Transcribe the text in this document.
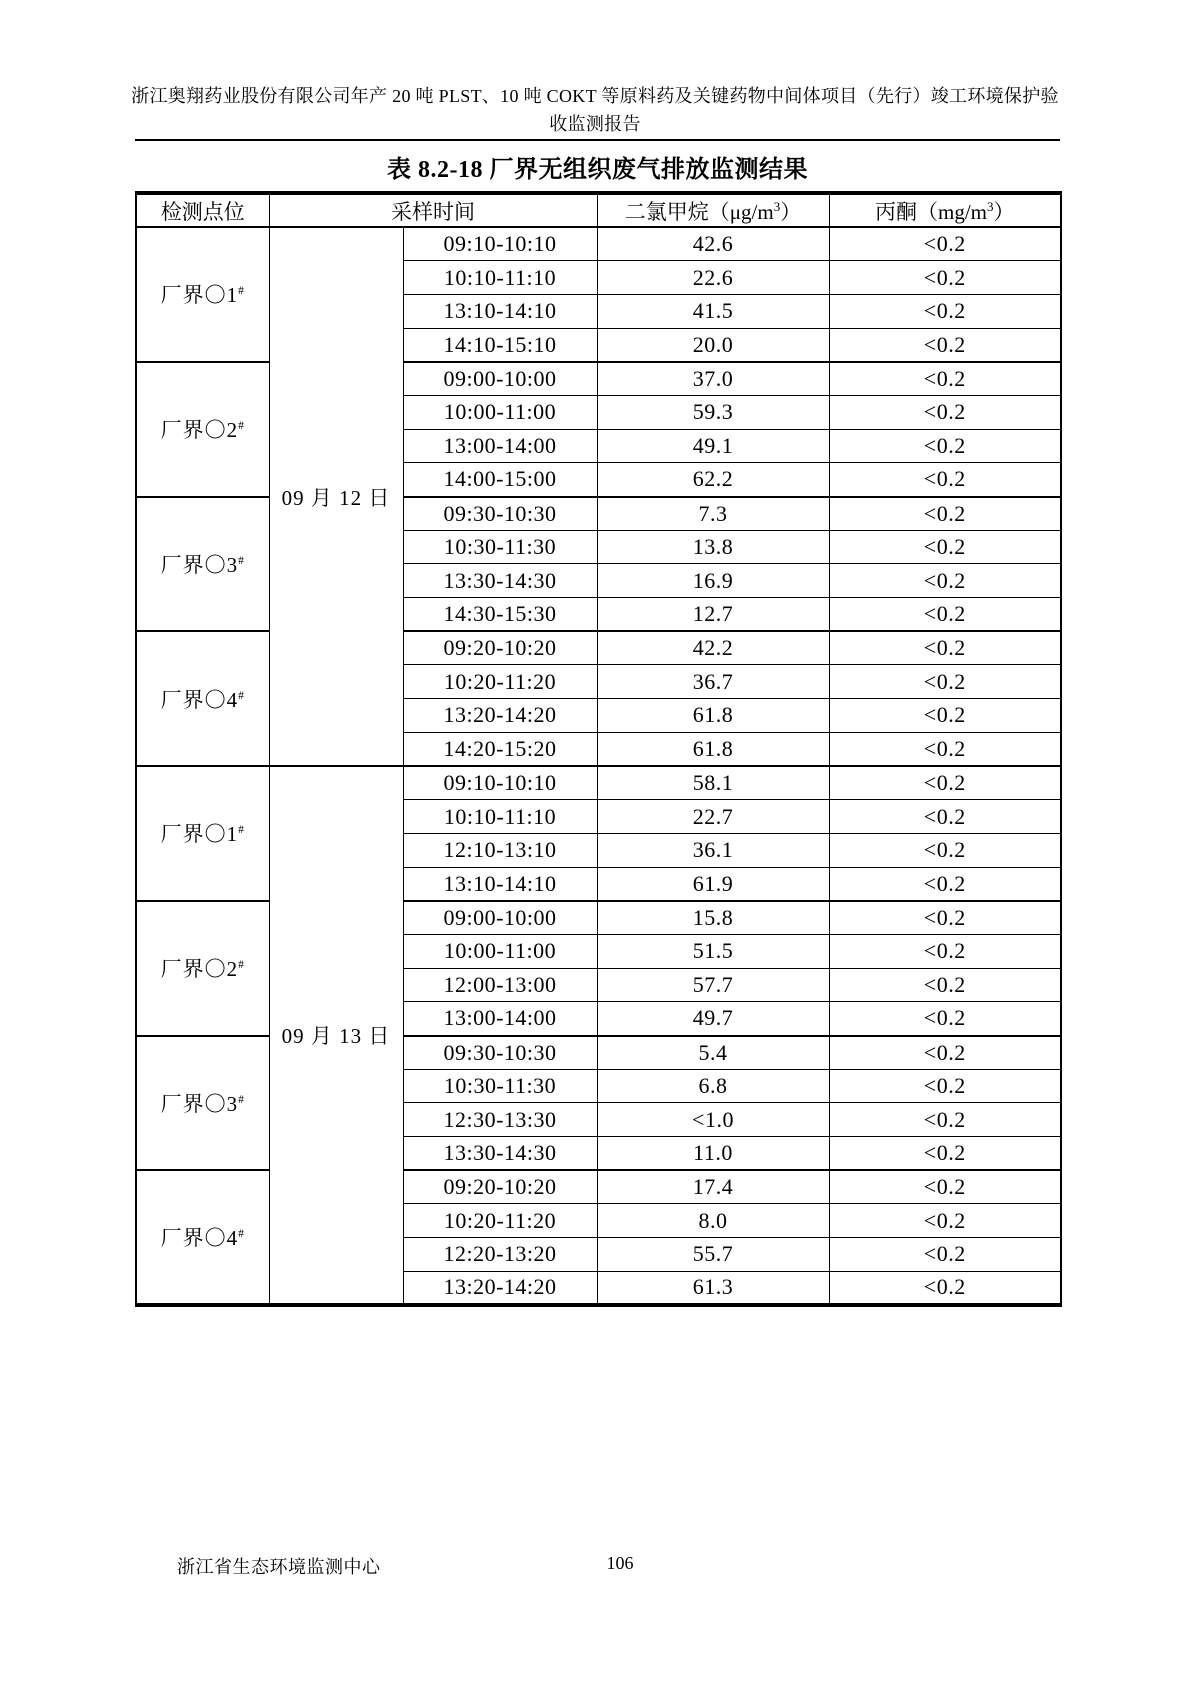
浙江奥翔药业股份有限公司年产 20 吨 PLST、10 吨 COKT 等原料药及关键药物中间体项目（先行）竣工环境保护验
收监测报告
表 8.2-18 厂界无组织废气排放监测结果
检测点位	采样时间		二氯甲烷$(\mu g/m^3)$	丙酮$(mg/m^3)$
厂界〇1#	09 月 12 日	09:10-10:10	42.6	<0.2
		10:10-11:10	22.6	<0.2
		13:10-14:10	41.5	<0.2
		14:10-15:10	20.0	<0.2
厂界〇2#		09:00-10:00	37.0	<0.2
		10:00-11:00	59.3	<0.2
		13:00-14:00	49.1	<0.2
		14:00-15:00	62.2	<0.2
厂界〇3#		09:30-10:30	7.3	<0.2
		10:30-11:30	13.8	<0.2
		13:30-14:30	16.9	<0.2
		14:30-15:30	12.7	<0.2
厂界〇4#		09:20-10:20	42.2	<0.2
		10:20-11:20	36.7	<0.2
		13:20-14:20	61.8	<0.2
		14:20-15:20	61.8	<0.2
厂界〇1#	09 月 13 日	09:10-10:10	58.1	<0.2
		10:10-11:10	22.7	<0.2
		12:10-13:10	36.1	<0.2
		13:10-14:10	61.9	<0.2
厂界〇2#		09:00-10:00	15.8	<0.2
		10:00-11:00	51.5	<0.2
		12:00-13:00	57.7	<0.2
		13:00-14:00	49.7	<0.2
厂界〇3#		09:30-10:30	5.4	<0.2
		10:30-11:30	6.8	<0.2
		12:30-13:30	<1.0	<0.2
		13:30-14:30	11.0	<0.2
厂界〇4#		09:20-10:20	17.4	<0.2
		10:20-11:20	8.0	<0.2
		12:20-13:20	55.7	<0.2
		13:20-14:20	61.3	<0.2
浙江省生态环境监测中心	106
